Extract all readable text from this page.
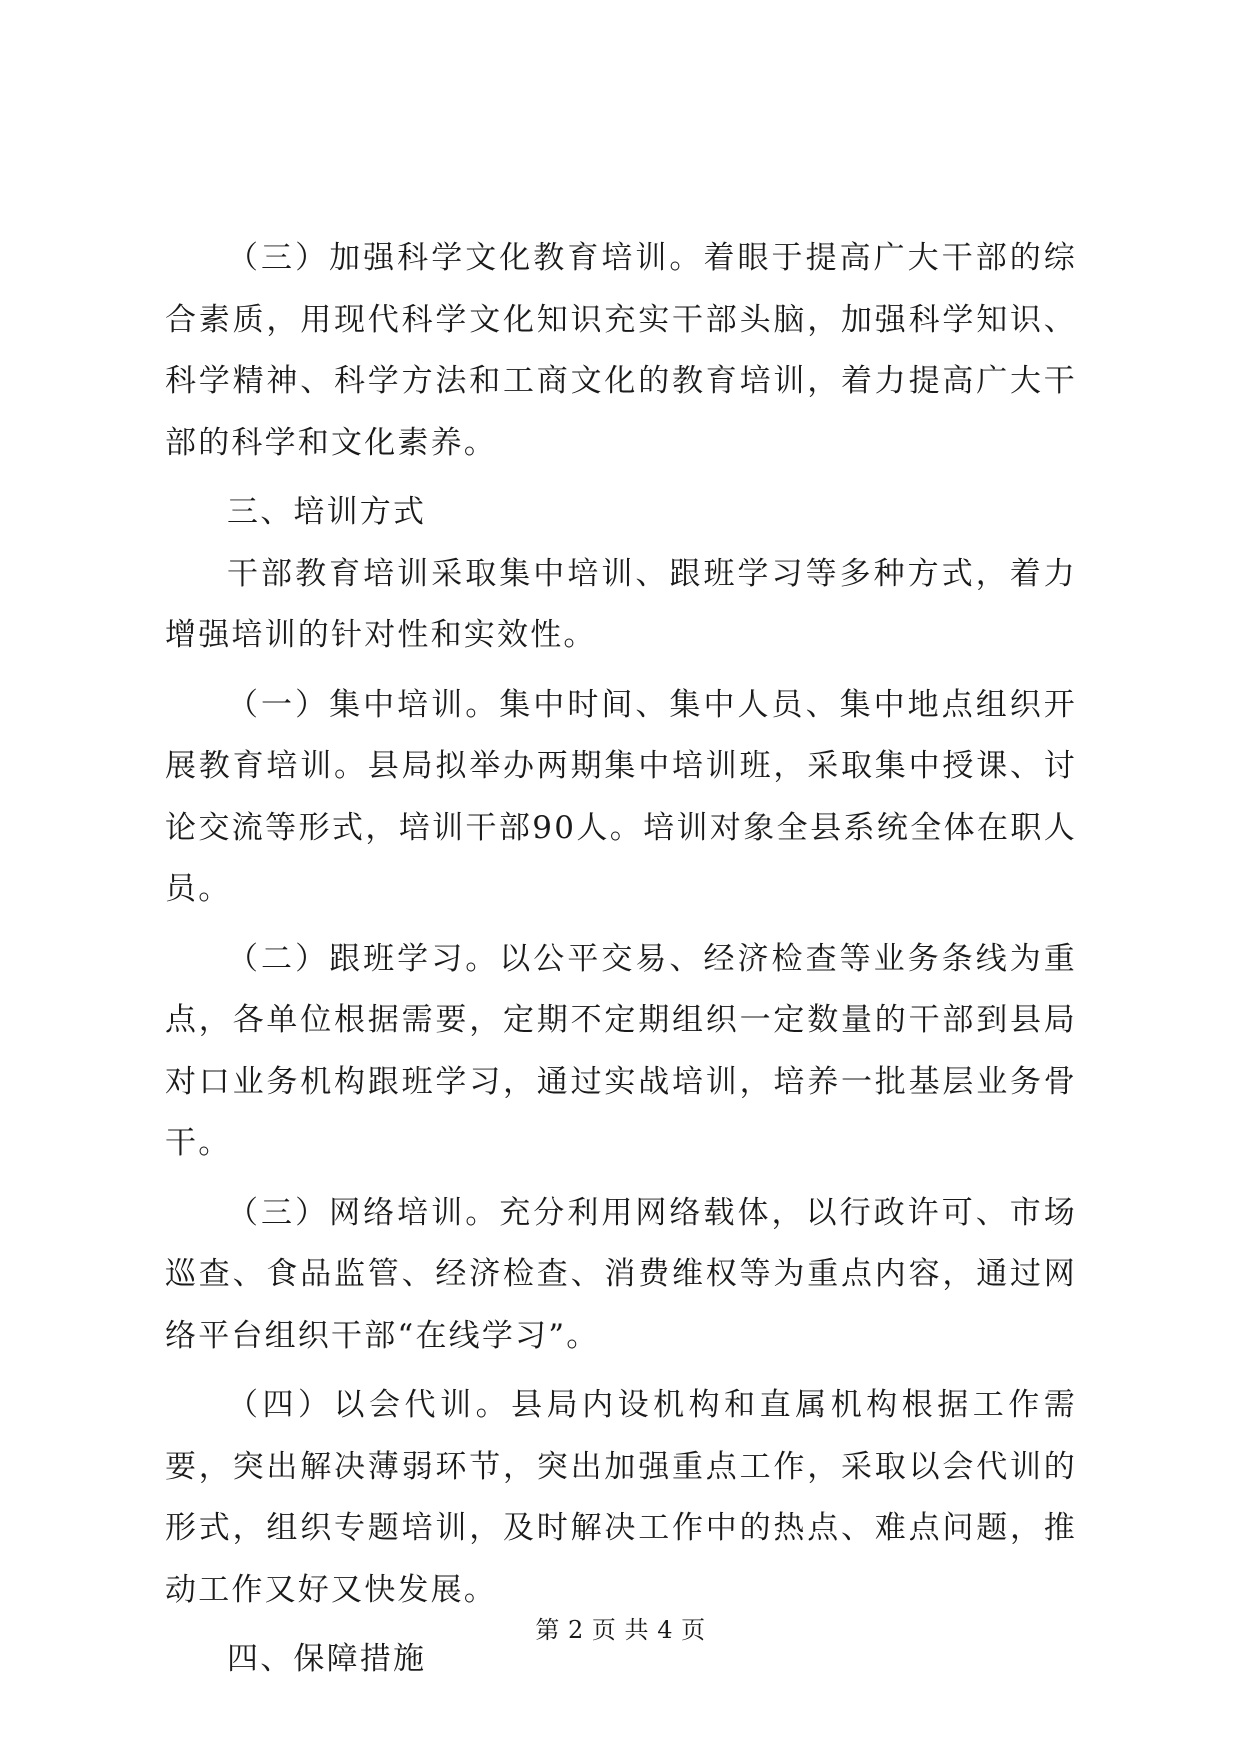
（三）加强科学文化教育培训。着眼于提高广大干部的综合素质，用现代科学文化知识充实干部头脑，加强科学知识、科学精神、科学方法和工商文化的教育培训，着力提高广大干部的科学和文化素养。

三、培训方式

干部教育培训采取集中培训、跟班学习等多种方式，着力增强培训的针对性和实效性。

（一）集中培训。集中时间、集中人员、集中地点组织开展教育培训。县局拟举办两期集中培训班，采取集中授课、讨论交流等形式，培训干部90人。培训对象全县系统全体在职人员。

（二）跟班学习。以公平交易、经济检查等业务条线为重点，各单位根据需要，定期不定期组织一定数量的干部到县局对口业务机构跟班学习，通过实战培训，培养一批基层业务骨干。

（三）网络培训。充分利用网络载体，以行政许可、市场巡查、食品监管、经济检查、消费维权等为重点内容，通过网络平台组织干部“在线学习”。

（四）以会代训。县局内设机构和直属机构根据工作需要，突出解决薄弱环节，突出加强重点工作，采取以会代训的形式，组织专题培训，及时解决工作中的热点、难点问题，推动工作又好又快发展。

四、保障措施

第 2 页 共 4 页
